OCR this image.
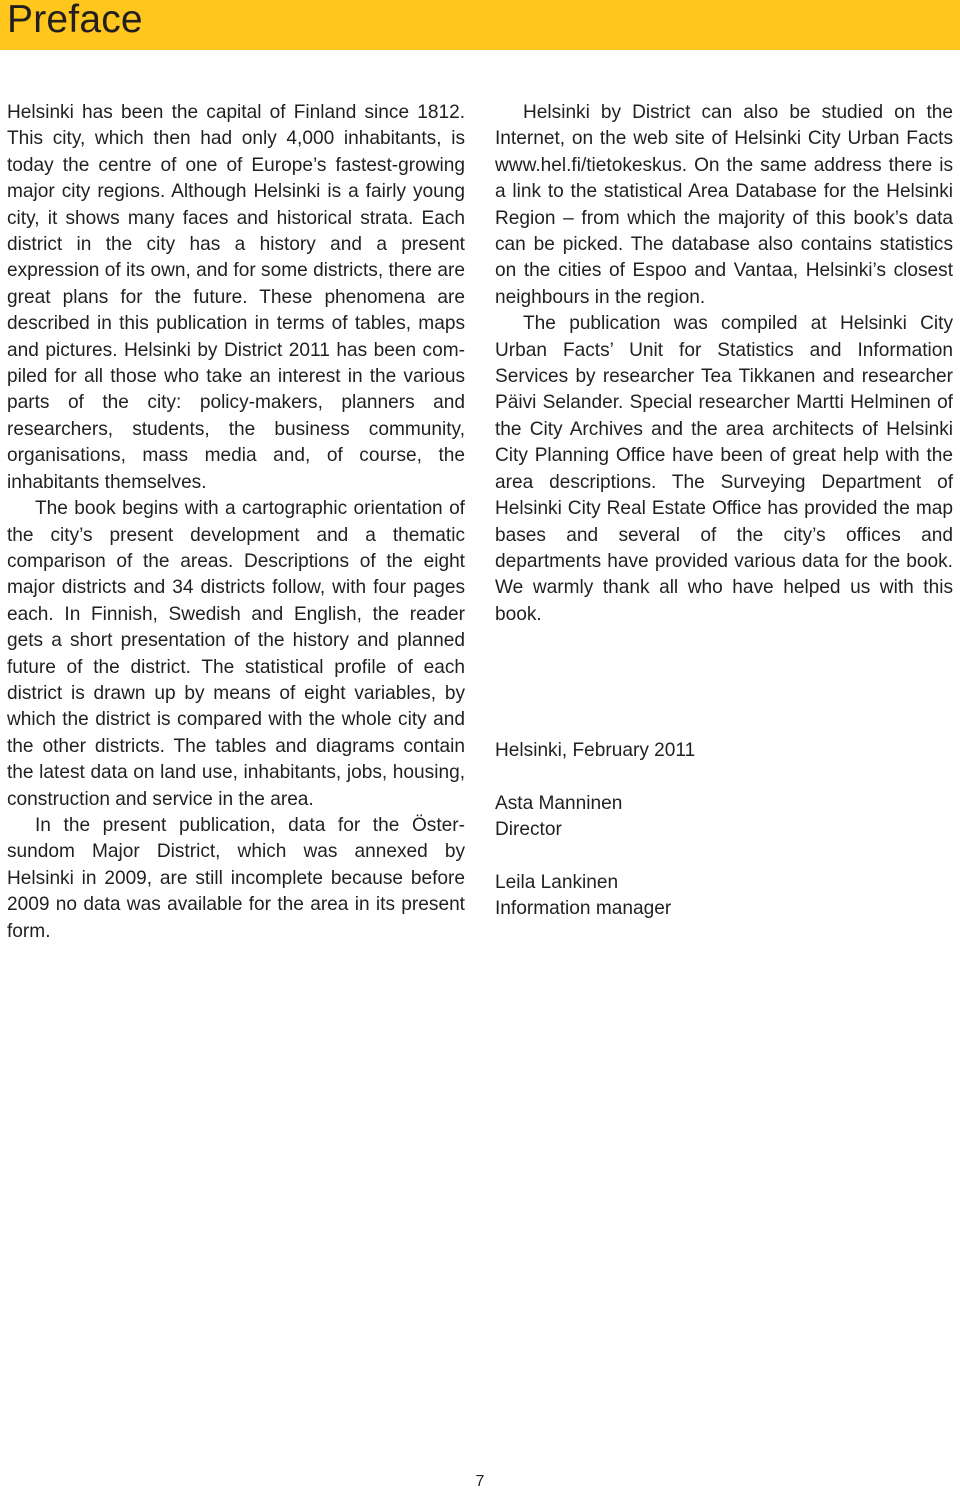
Preface

Helsinki has been the capital of Finland since 1812. This city, which then had only 4,000 inhabitants, is today the centre of one of Europe’s fastest-growing major city regions. Although Helsinki is a fairly young city, it shows many faces and historical strata. Each district in the city has a history and a present expression of its own, and for some districts, there are great plans for the future. These phenomena are described in this publication in terms of tables, maps and pictures. Helsinki by District 2011 has been compiled for all those who take an interest in the various parts of the city: policy-makers, planners and researchers, students, the business community, organisations, mass media and, of course, the inhabitants themselves.

The book begins with a cartographic orientation of the city’s present development and a thematic comparison of the areas. Descriptions of the eight major districts and 34 districts follow, with four pages each. In Finnish, Swedish and English, the reader gets a short presentation of the history and planned future of the district. The statistical profile of each district is drawn up by means of eight variables, by which the district is compared with the whole city and the other districts. The tables and diagrams contain the latest data on land use, inhabitants, jobs, housing, construction and service in the area.

In the present publication, data for the Östersundom Major District, which was annexed by Helsinki in 2009, are still incomplete because before 2009 no data was available for the area in its present form.

Helsinki by District can also be studied on the Internet, on the web site of Helsinki City Urban Facts www.hel.fi/tietokeskus. On the same address there is a link to the statistical Area Database for the Helsinki Region – from which the majority of this book’s data can be picked. The database also contains statistics on the cities of Espoo and Vantaa, Helsinki’s closest neighbours in the region.

The publication was compiled at Helsinki City Urban Facts’ Unit for Statistics and Information Services by researcher Tea Tikkanen and researcher Päivi Selander. Special researcher Martti Helminen of the City Archives and the area architects of Helsinki City Planning Office have been of great help with the area descriptions. The Surveying Department of Helsinki City Real Estate Office has provided the map bases and several of the city’s offices and departments have provided various data for the book. We warmly thank all who have helped us with this book.

Helsinki, February 2011
Asta Manninen
Director
Leila Lankinen
Information manager
7
